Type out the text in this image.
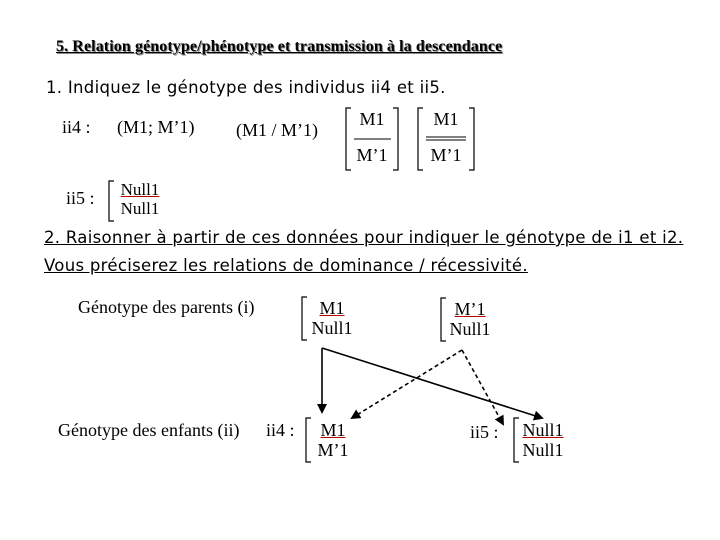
5. Relation génotype/phénotype et transmission à la descendance
1. Indiquez le génotype des individus ii4 et ii5.
ii4 : (M1; M’1) (M1 / M’1)
M1
M’1
M1
M’1
ii5 :	Null1
Null1
2. Raisonner à partir de ces données pour indiquer le génotype de i1 et i2.
Vous préciserez les relations de dominance / récessivité.
Génotype des parents (i)	M1
Null1
M’1
Null1
Génotype des enfants (ii) ii4 : $\frac{M1}{M’1}$	ii5 :	Null1
Null1
